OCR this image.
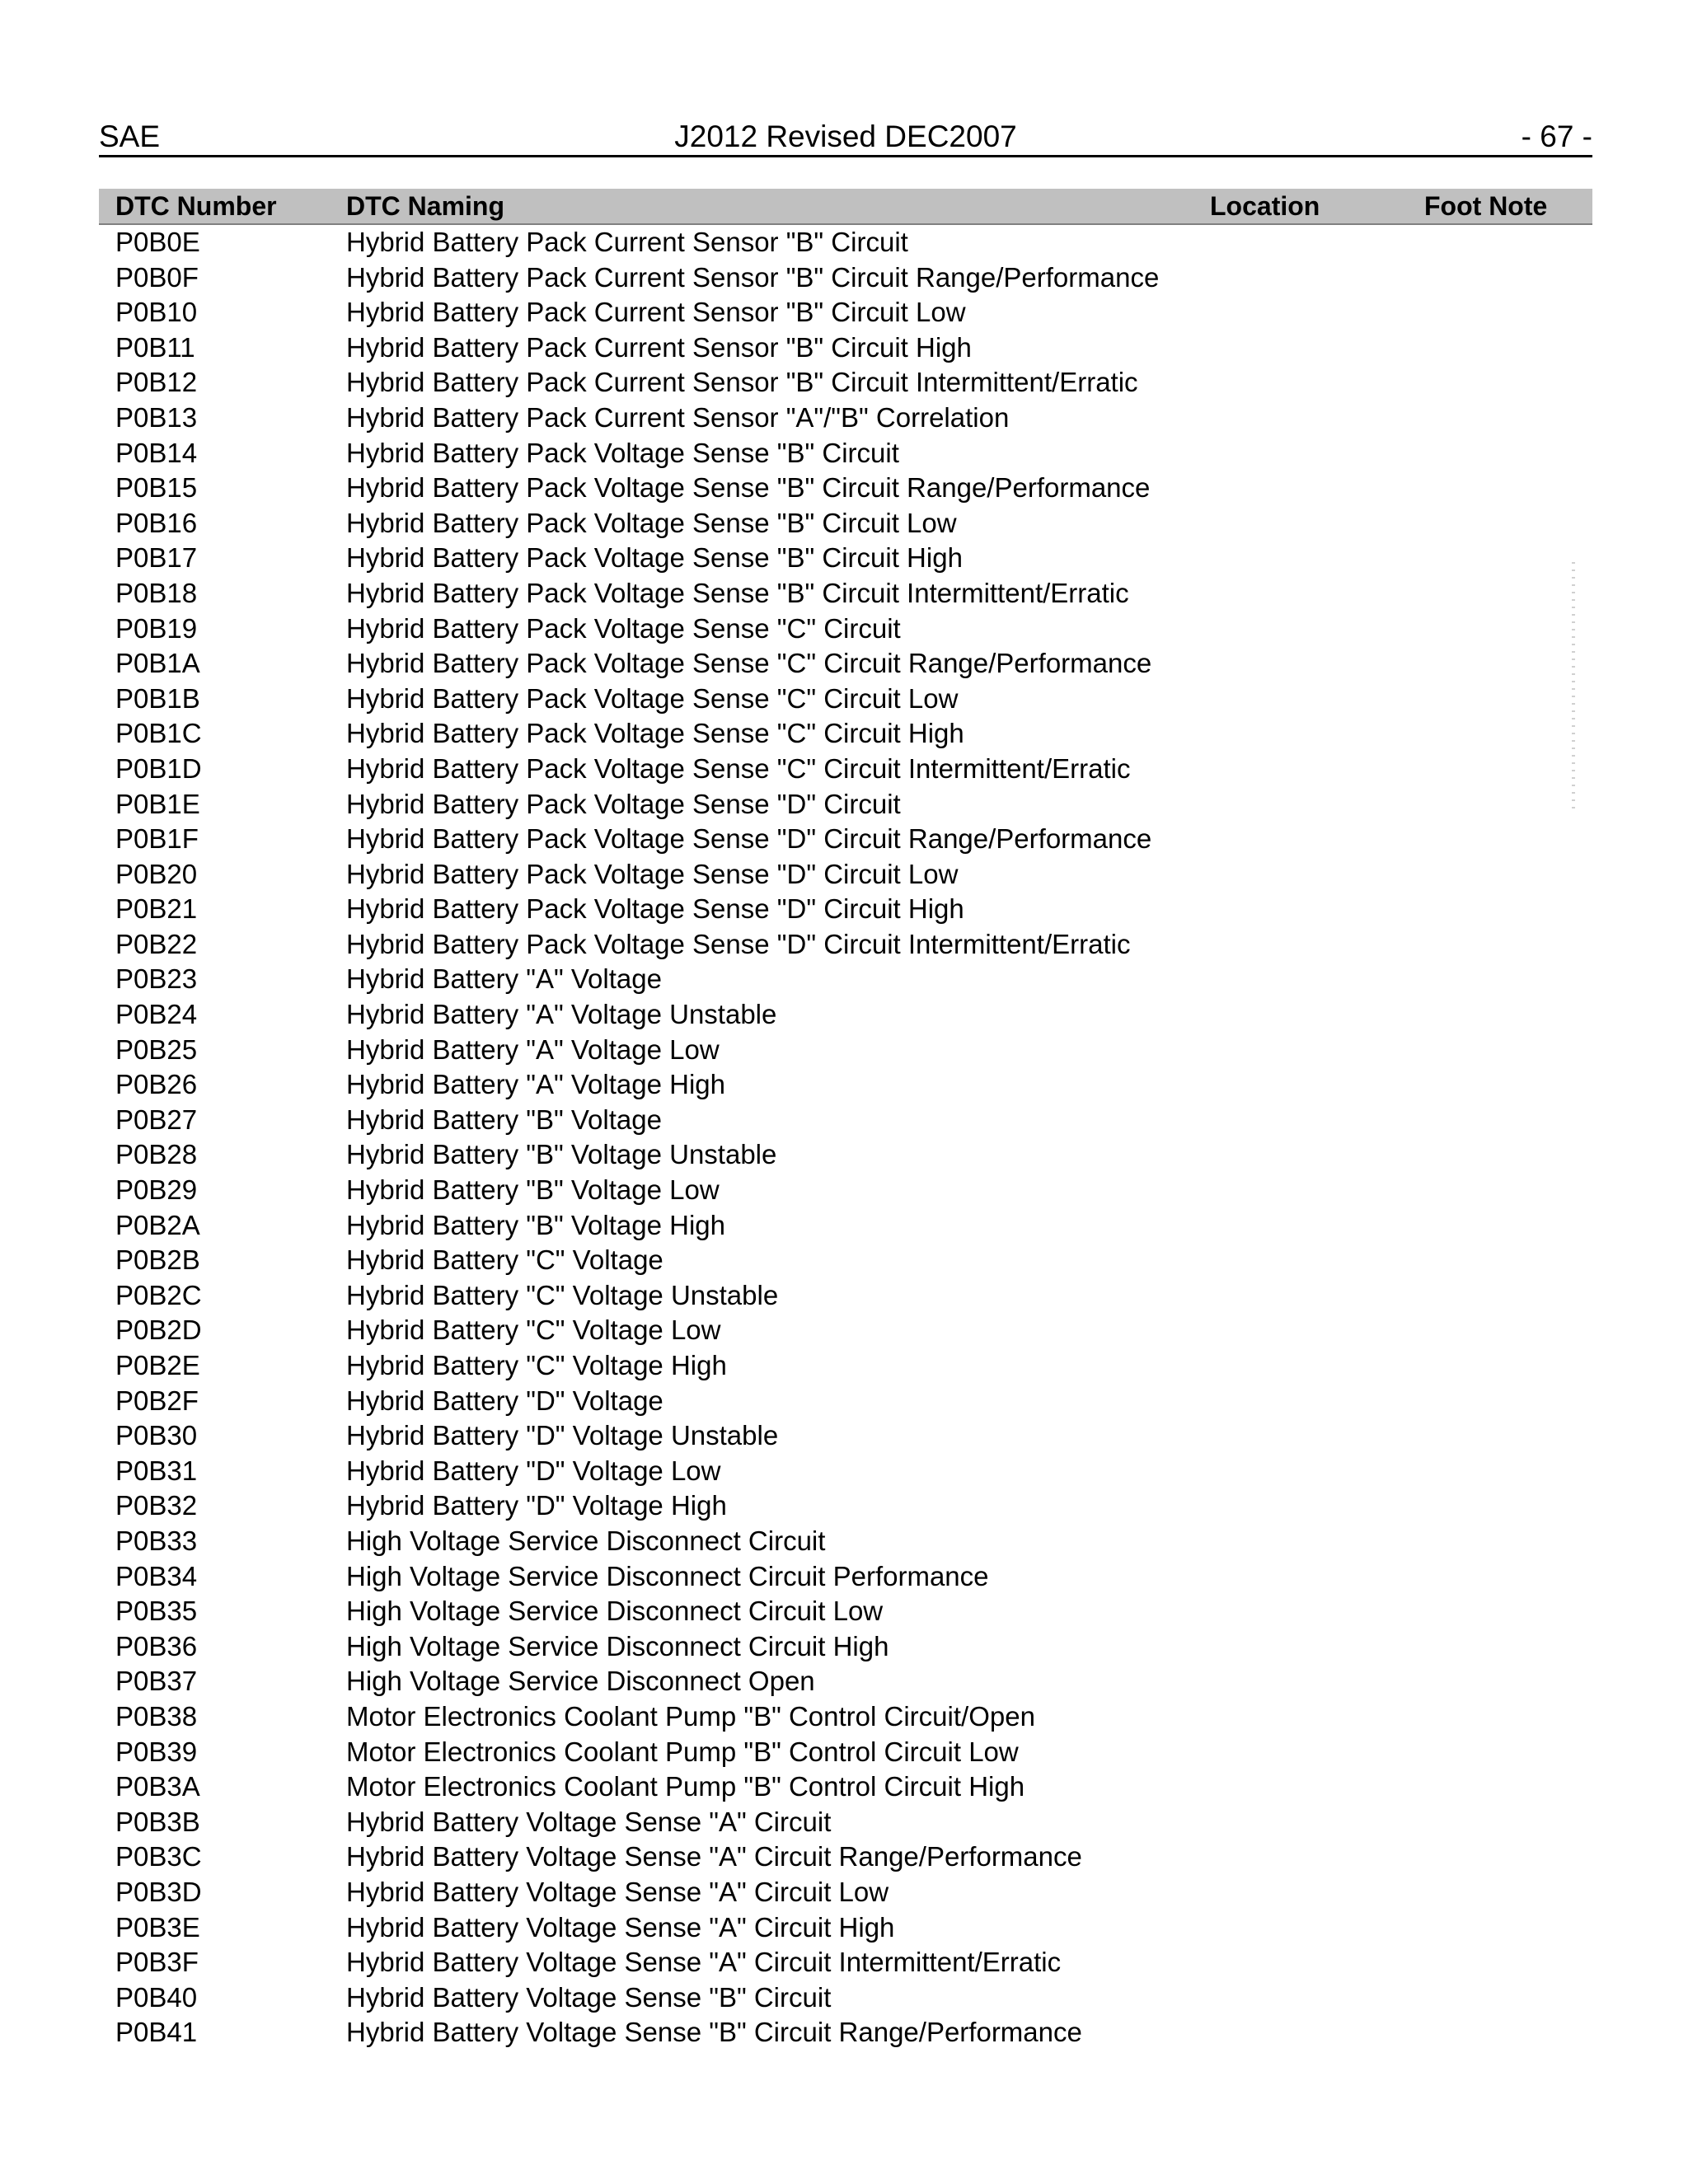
SAE	J2012 Revised DEC2007	- 67 -
DTC Number	DTC Naming	Location	Foot Note
P0B0E	Hybrid Battery Pack Current Sensor "B" Circuit
P0B0F	Hybrid Battery Pack Current Sensor "B" Circuit Range/Performance
P0B10	Hybrid Battery Pack Current Sensor "B" Circuit Low
P0B11	Hybrid Battery Pack Current Sensor "B" Circuit High
P0B12	Hybrid Battery Pack Current Sensor "B" Circuit Intermittent/Erratic
P0B13	Hybrid Battery Pack Current Sensor "A"/"B" Correlation
P0B14	Hybrid Battery Pack Voltage Sense "B" Circuit
P0B15	Hybrid Battery Pack Voltage Sense "B" Circuit Range/Performance
P0B16	Hybrid Battery Pack Voltage Sense "B" Circuit Low
P0B17	Hybrid Battery Pack Voltage Sense "B" Circuit High
P0B18	Hybrid Battery Pack Voltage Sense "B" Circuit Intermittent/Erratic
P0B19	Hybrid Battery Pack Voltage Sense "C" Circuit
P0B1A	Hybrid Battery Pack Voltage Sense "C" Circuit Range/Performance
P0B1B	Hybrid Battery Pack Voltage Sense "C" Circuit Low
P0B1C	Hybrid Battery Pack Voltage Sense "C" Circuit High
P0B1D	Hybrid Battery Pack Voltage Sense "C" Circuit Intermittent/Erratic
P0B1E	Hybrid Battery Pack Voltage Sense "D" Circuit
P0B1F	Hybrid Battery Pack Voltage Sense "D" Circuit Range/Performance
P0B20	Hybrid Battery Pack Voltage Sense "D" Circuit Low
P0B21	Hybrid Battery Pack Voltage Sense "D" Circuit High
P0B22	Hybrid Battery Pack Voltage Sense "D" Circuit Intermittent/Erratic
P0B23	Hybrid Battery "A" Voltage
P0B24	Hybrid Battery "A" Voltage Unstable
P0B25	Hybrid Battery "A" Voltage Low
P0B26	Hybrid Battery "A" Voltage High
P0B27	Hybrid Battery "B" Voltage
P0B28	Hybrid Battery "B" Voltage Unstable
P0B29	Hybrid Battery "B" Voltage Low
P0B2A	Hybrid Battery "B" Voltage High
P0B2B	Hybrid Battery "C" Voltage
P0B2C	Hybrid Battery "C" Voltage Unstable
P0B2D	Hybrid Battery "C" Voltage Low
P0B2E	Hybrid Battery "C" Voltage High
P0B2F	Hybrid Battery "D" Voltage
P0B30	Hybrid Battery "D" Voltage Unstable
P0B31	Hybrid Battery "D" Voltage Low
P0B32	Hybrid Battery "D" Voltage High
P0B33	High Voltage Service Disconnect Circuit
P0B34	High Voltage Service Disconnect Circuit Performance
P0B35	High Voltage Service Disconnect Circuit Low
P0B36	High Voltage Service Disconnect Circuit High
P0B37	High Voltage Service Disconnect Open
P0B38	Motor Electronics Coolant Pump "B" Control Circuit/Open
P0B39	Motor Electronics Coolant Pump "B" Control Circuit Low
P0B3A	Motor Electronics Coolant Pump "B" Control Circuit High
P0B3B	Hybrid Battery Voltage Sense "A" Circuit
P0B3C	Hybrid Battery Voltage Sense "A" Circuit Range/Performance
P0B3D	Hybrid Battery Voltage Sense "A" Circuit Low
P0B3E	Hybrid Battery Voltage Sense "A" Circuit High
P0B3F	Hybrid Battery Voltage Sense "A" Circuit Intermittent/Erratic
P0B40	Hybrid Battery Voltage Sense "B" Circuit
P0B41	Hybrid Battery Voltage Sense "B" Circuit Range/Performance
